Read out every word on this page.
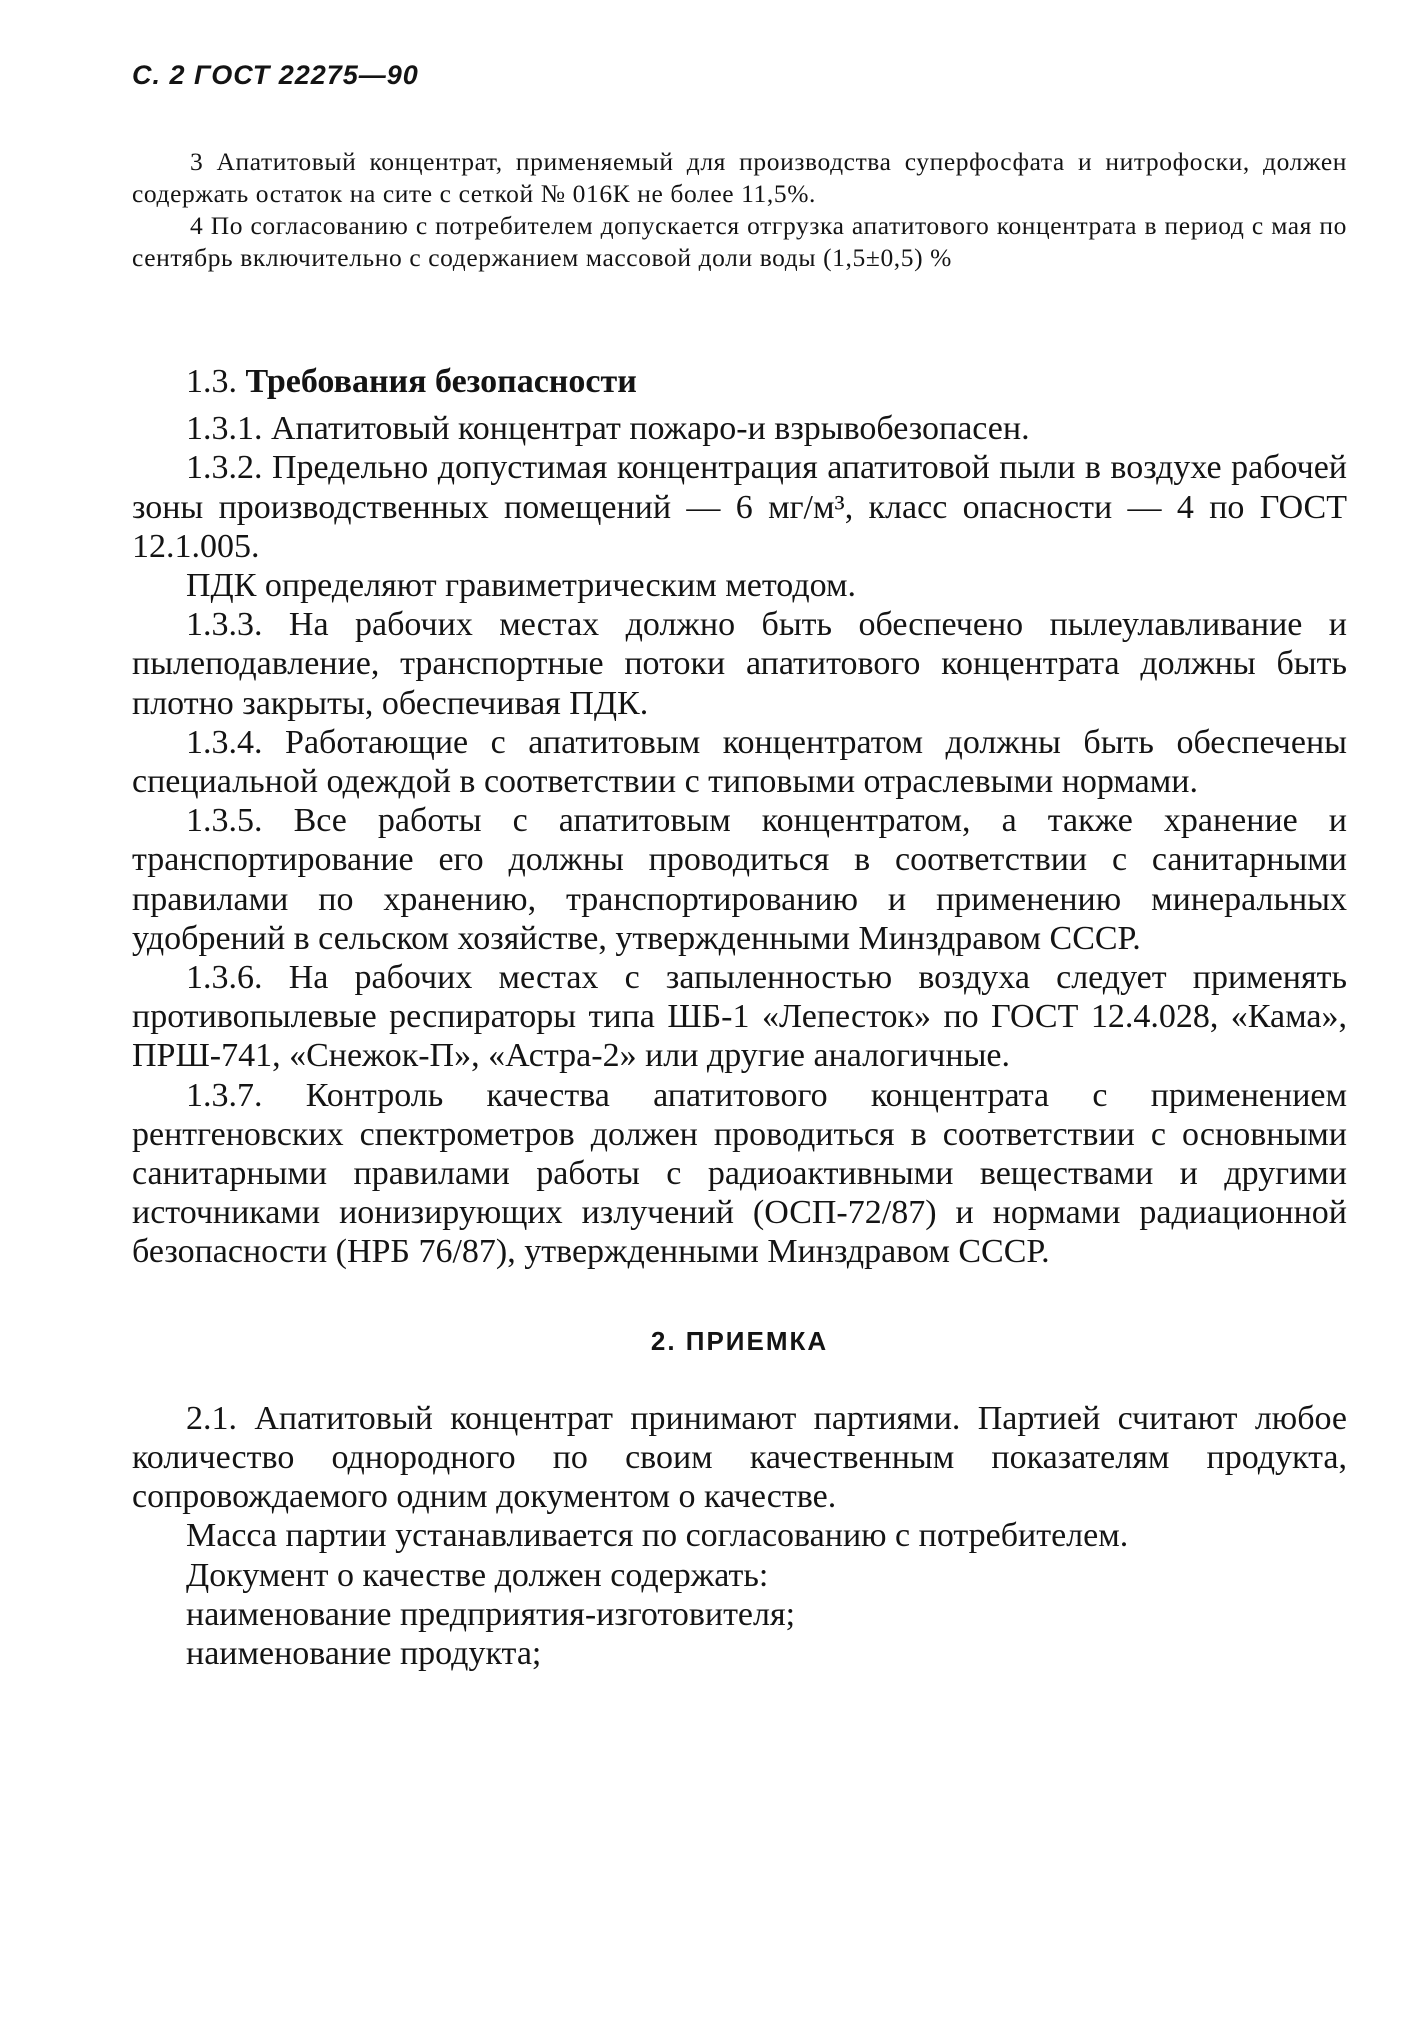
С. 2 ГОСТ 22275—90

3 Апатитовый концентрат, применяемый для производства суперфосфата и нитрофоски, должен содержать остаток на сите с сеткой № 016К не более 11,5%.

4 По согласованию с потребителем допускается отгрузка апатитового концентрата в период с мая по сентябрь включительно с содержанием массовой доли воды (1,5±0,5) %

1.3. Требования безопасности

1.3.1. Апатитовый концентрат пожаро-и взрывобезопасен.

1.3.2. Предельно допустимая концентрация апатитовой пыли в воздухе рабочей зоны производственных помещений — 6 мг/м³, класс опасности — 4 по ГОСТ 12.1.005.

ПДК определяют гравиметрическим методом.

1.3.3. На рабочих местах должно быть обеспечено пылеулавливание и пылеподавление, транспортные потоки апатитового концентрата должны быть плотно закрыты, обеспечивая ПДК.

1.3.4. Работающие с апатитовым концентратом должны быть обеспечены специальной одеждой в соответствии с типовыми отраслевыми нормами.

1.3.5. Все работы с апатитовым концентратом, а также хранение и транспортирование его должны проводиться в соответствии с санитарными правилами по хранению, транспортированию и применению минеральных удобрений в сельском хозяйстве, утвержденными Минздравом СССР.

1.3.6. На рабочих местах с запыленностью воздуха следует применять противопылевые респираторы типа ШБ-1 «Лепесток» по ГОСТ 12.4.028, «Кама», ПРШ-741, «Снежок-П», «Астра-2» или другие аналогичные.

1.3.7. Контроль качества апатитового концентрата с применением рентгеновских спектрометров должен проводиться в соответствии с основными санитарными правилами работы с радиоактивными веществами и другими источниками ионизирующих излучений (ОСП-72/87) и нормами радиационной безопасности (НРБ 76/87), утвержденными Минздравом СССР.

2. ПРИЕМКА

2.1. Апатитовый концентрат принимают партиями. Партией считают любое количество однородного по своим качественным показателям продукта, сопровождаемого одним документом о качестве.

Масса партии устанавливается по согласованию с потребителем.

Документ о качестве должен содержать:

наименование предприятия-изготовителя;

наименование продукта;
